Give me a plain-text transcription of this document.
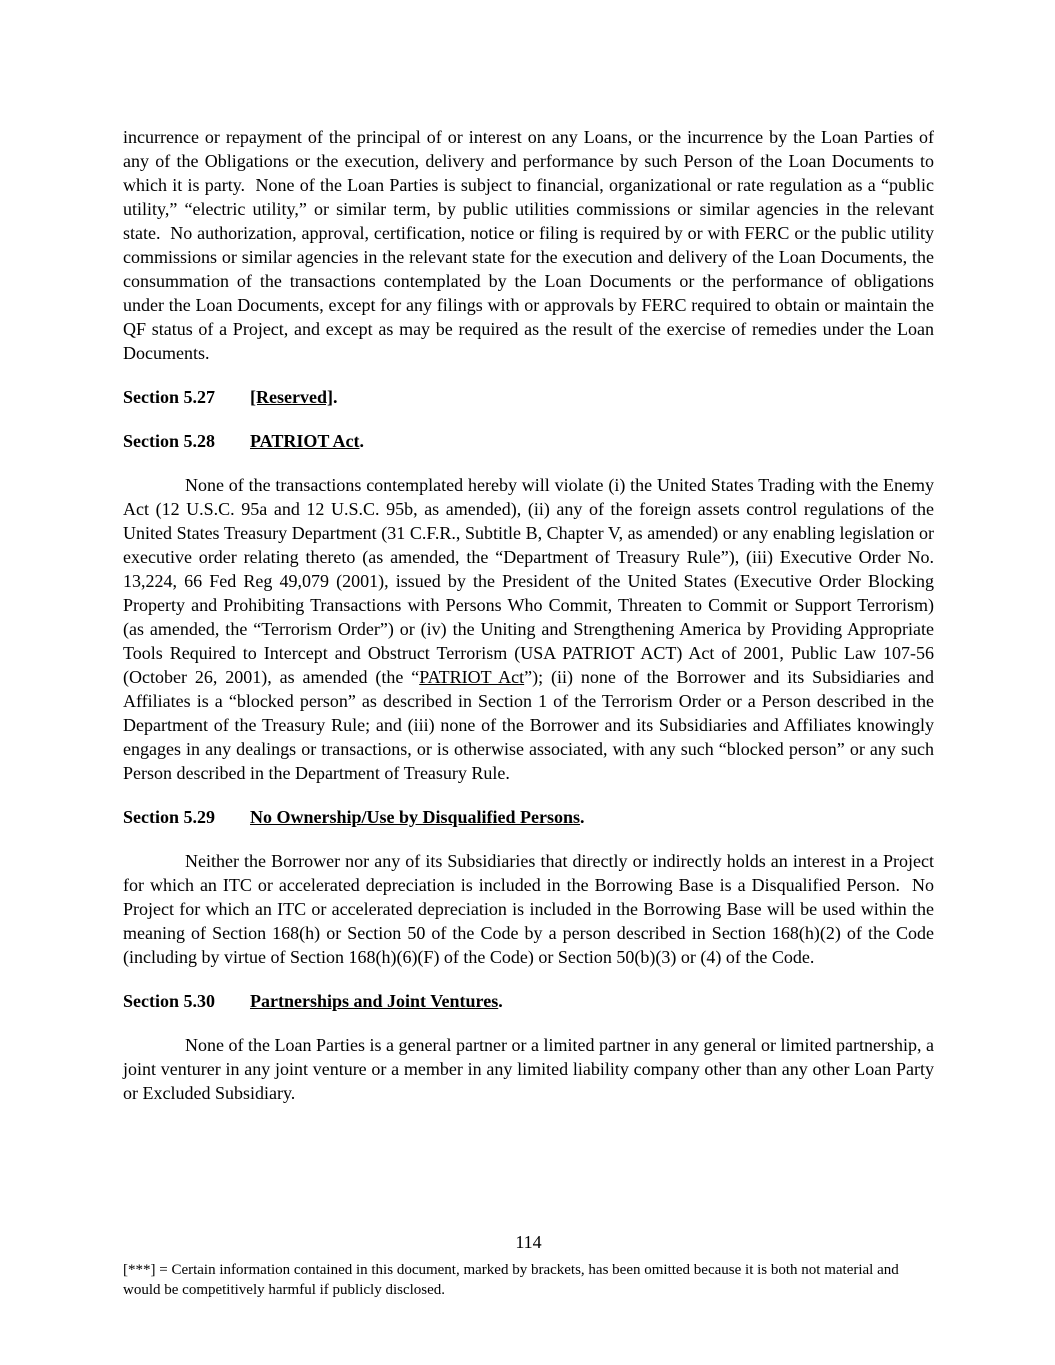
incurrence or repayment of the principal of or interest on any Loans, or the incurrence by the Loan Parties of any of the Obligations or the execution, delivery and performance by such Person of the Loan Documents to which it is party.  None of the Loan Parties is subject to financial, organizational or rate regulation as a “public utility,” “electric utility,” or similar term, by public utilities commissions or similar agencies in the relevant state.  No authorization, approval, certification, notice or filing is required by or with FERC or the public utility commissions or similar agencies in the relevant state for the execution and delivery of the Loan Documents, the consummation of the transactions contemplated by the Loan Documents or the performance of obligations under the Loan Documents, except for any filings with or approvals by FERC required to obtain or maintain the QF status of a Project, and except as may be required as the result of the exercise of remedies under the Loan Documents.

Section 5.27 [Reserved].

Section 5.28 PATRIOT Act.

None of the transactions contemplated hereby will violate (i) the United States Trading with the Enemy Act (12 U.S.C. 95a and 12 U.S.C. 95b, as amended), (ii) any of the foreign assets control regulations of the United States Treasury Department (31 C.F.R., Subtitle B, Chapter V, as amended) or any enabling legislation or executive order relating thereto (as amended, the “Department of Treasury Rule”), (iii) Executive Order No. 13,224, 66 Fed Reg 49,079 (2001), issued by the President of the United States (Executive Order Blocking Property and Prohibiting Transactions with Persons Who Commit, Threaten to Commit or Support Terrorism) (as amended, the “Terrorism Order”) or (iv) the Uniting and Strengthening America by Providing Appropriate Tools Required to Intercept and Obstruct Terrorism (USA PATRIOT ACT) Act of 2001, Public Law 107-56 (October 26, 2001), as amended (the “PATRIOT Act”); (ii) none of the Borrower and its Subsidiaries and Affiliates is a “blocked person” as described in Section 1 of the Terrorism Order or a Person described in the Department of the Treasury Rule; and (iii) none of the Borrower and its Subsidiaries and Affiliates knowingly engages in any dealings or transactions, or is otherwise associated, with any such “blocked person” or any such Person described in the Department of Treasury Rule.

Section 5.29 No Ownership/Use by Disqualified Persons.

Neither the Borrower nor any of its Subsidiaries that directly or indirectly holds an interest in a Project for which an ITC or accelerated depreciation is included in the Borrowing Base is a Disqualified Person.  No Project for which an ITC or accelerated depreciation is included in the Borrowing Base will be used within the meaning of Section 168(h) or Section 50 of the Code by a person described in Section 168(h)(2) of the Code (including by virtue of Section 168(h)(6)(F) of the Code) or Section 50(b)(3) or (4) of the Code.

Section 5.30 Partnerships and Joint Ventures.

None of the Loan Parties is a general partner or a limited partner in any general or limited partnership, a joint venturer in any joint venture or a member in any limited liability company other than any other Loan Party or Excluded Subsidiary.

114

[***] = Certain information contained in this document, marked by brackets, has been omitted because it is both not material and would be competitively harmful if publicly disclosed.
